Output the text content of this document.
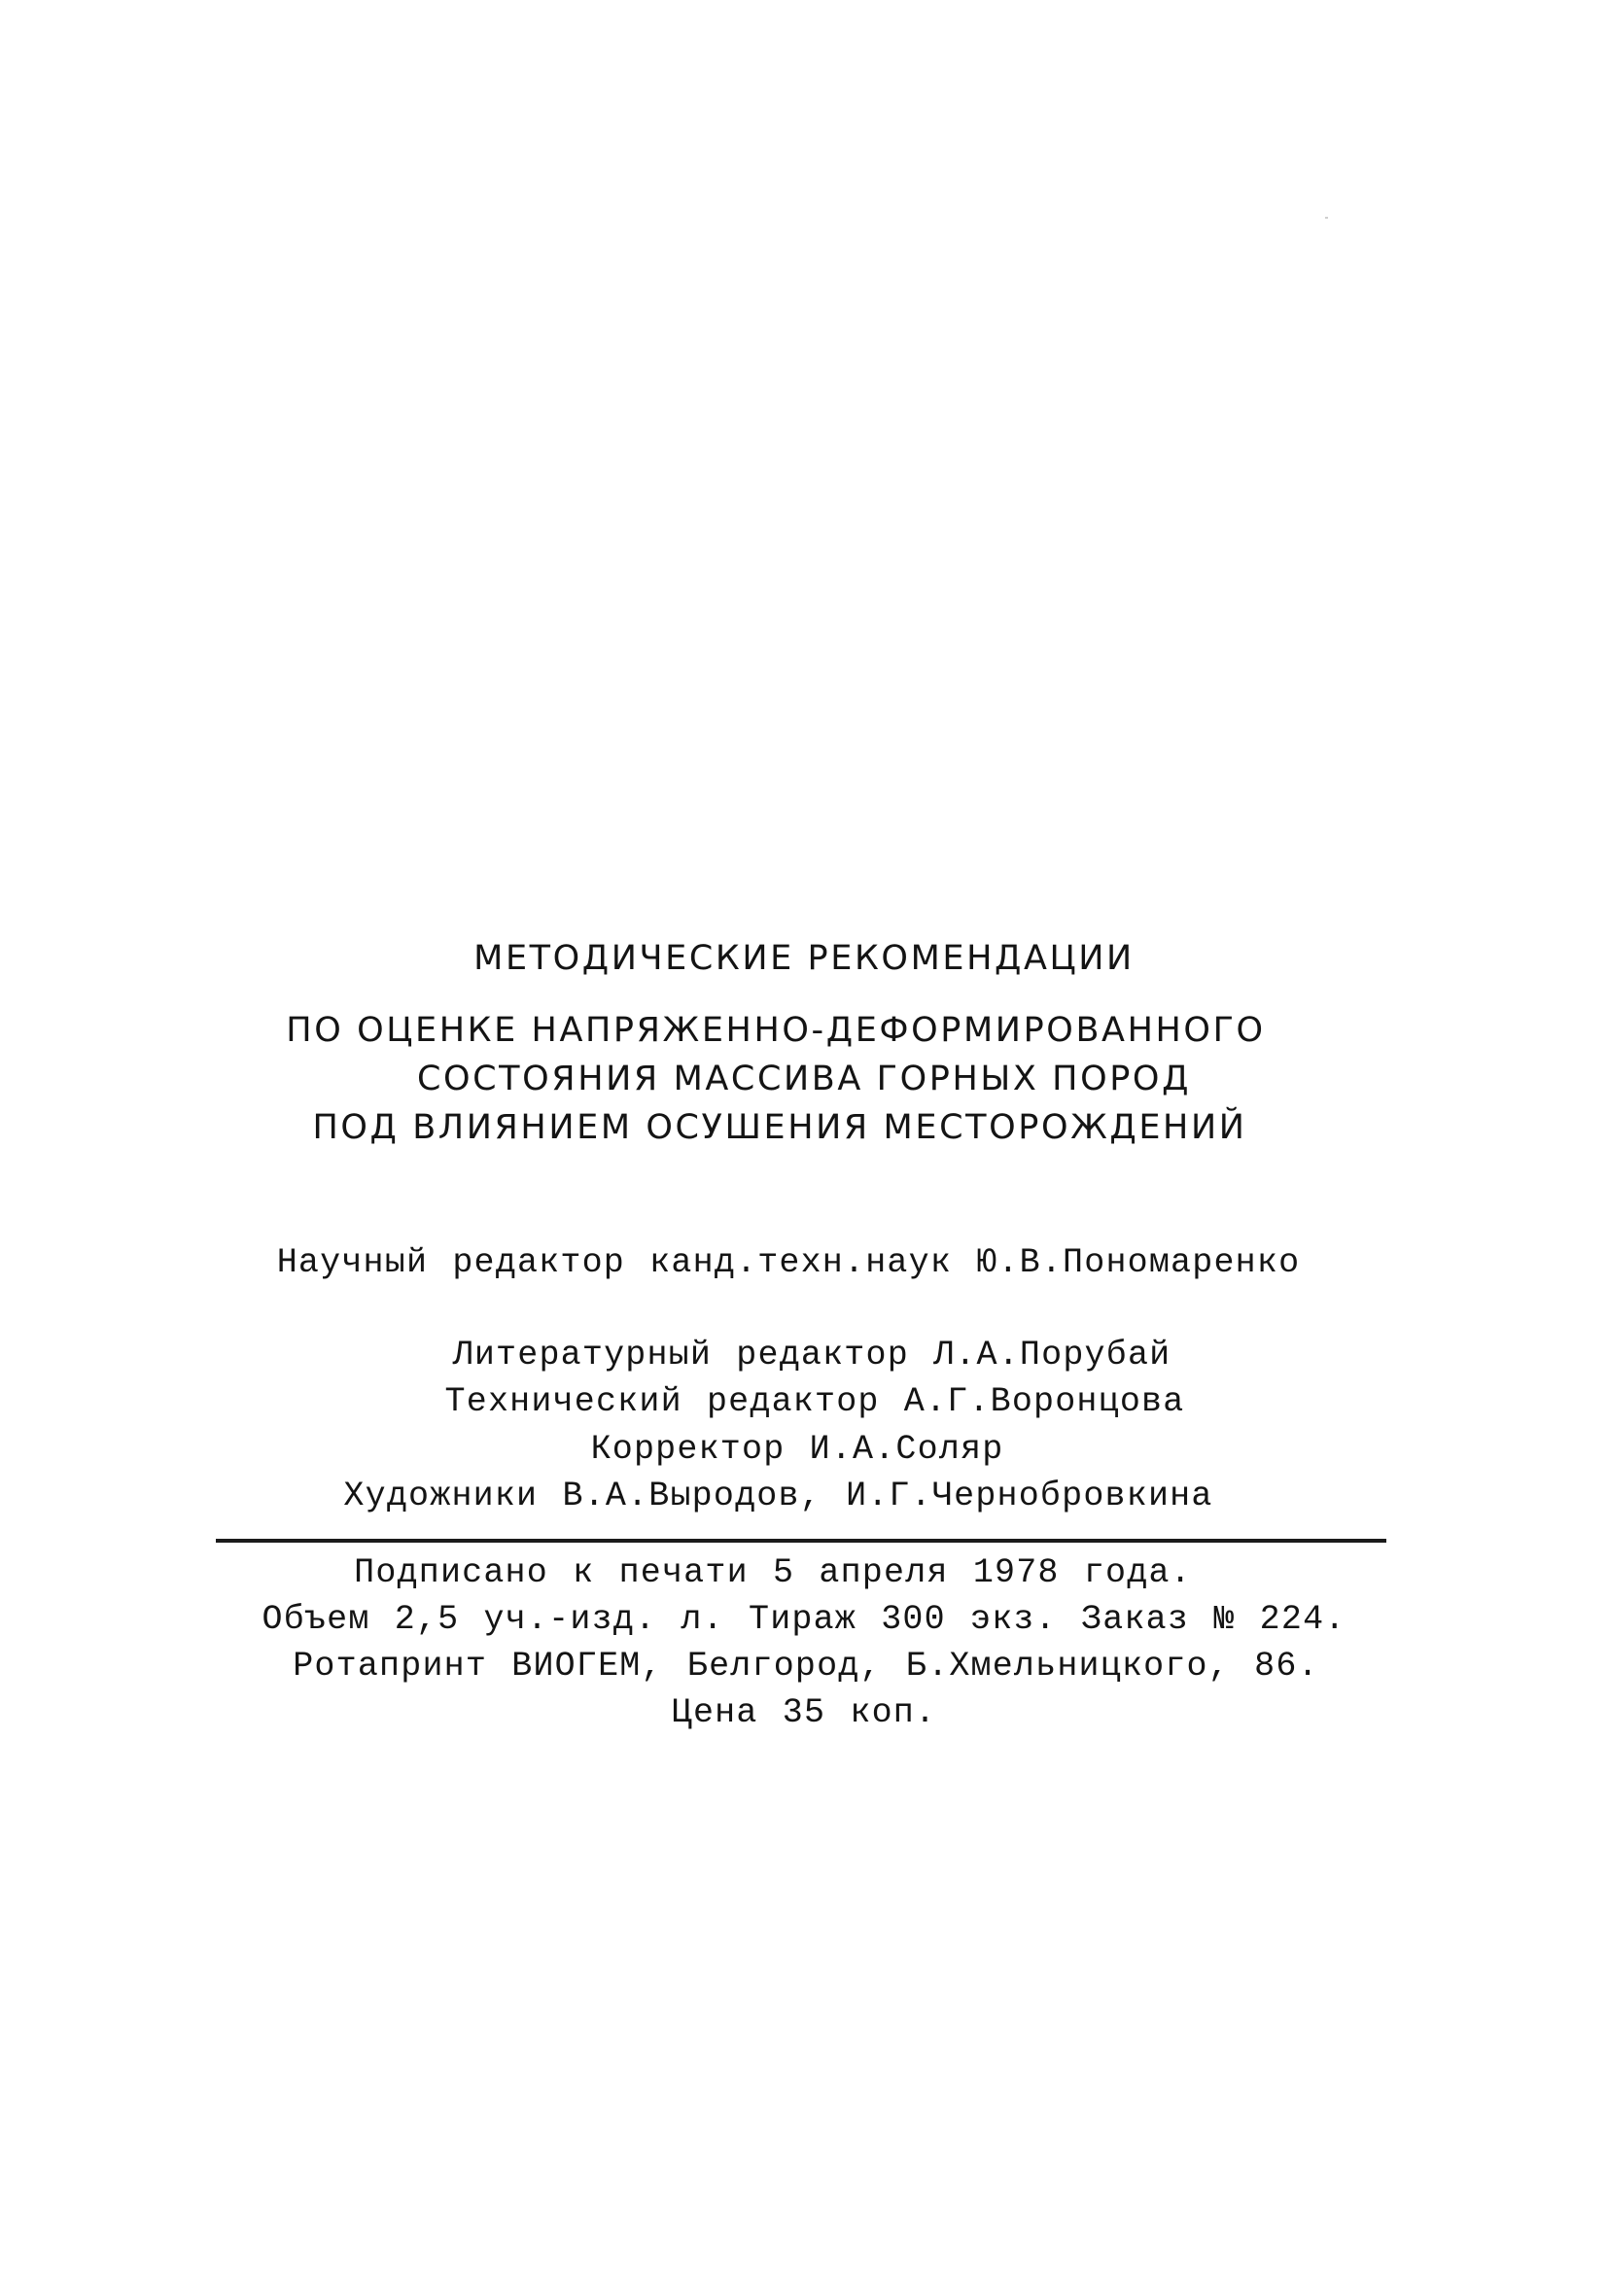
МЕТОДИЧЕСКИЕ РЕКОМЕНДАЦИИ
ПО ОЦЕНКЕ НАПРЯЖЕННО-ДЕФОРМИРОВАННОГО
СОСТОЯНИЯ МАССИВА ГОРНЫХ ПОРОД
ПОД ВЛИЯНИЕМ ОСУШЕНИЯ МЕСТОРОЖДЕНИЙ
Научный редактор канд.техн.наук Ю.В.Пономаренко
Литературный редактор Л.А.Порубай
Технический редактор А.Г.Воронцова
Корректор И.А.Соляр
Художники В.А.Выродов, И.Г.Чернобровкина
Подписано к печати 5 апреля 1978 года.
Объем 2,5 уч.-изд. л. Тираж 300 экз. Заказ № 224.
Ротапринт ВИОГЕМ, Белгород, Б.Хмельницкого, 86.
Цена 35 коп.
